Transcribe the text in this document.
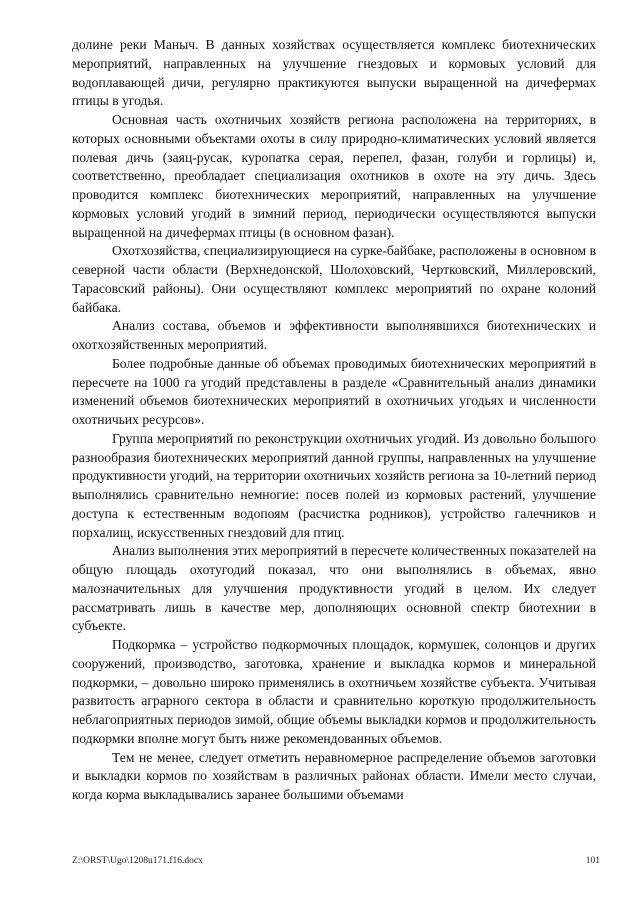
долине реки Маныч. В данных хозяйствах осуществляется комплекс биотехнических мероприятий, направленных на улучшение гнездовых и кормовых условий для водоплавающей дичи, регулярно практикуются выпуски выращенной на дичефермах птицы в угодья.

Основная часть охотничьих хозяйств региона расположена на территориях, в которых основными объектами охоты в силу природно-климатических условий является полевая дичь (заяц-русак, куропатка серая, перепел, фазан, голуби и горлицы) и, соответственно, преобладает специализация охотников в охоте на эту дичь. Здесь проводится комплекс биотехнических мероприятий, направленных на улучшение кормовых условий угодий в зимний период, периодически осуществляются выпуски выращенной на дичефермах птицы (в основном фазан).

Охотхозяйства, специализирующиеся на сурке-байбаке, расположены в основном в северной части области (Верхнедонской, Шолоховский, Чертковский, Миллеровский, Тарасовский районы). Они осуществляют комплекс мероприятий по охране колоний байбака.

Анализ состава, объемов и эффективности выполнявшихся биотехнических и охотхозяйственных мероприятий.

Более подробные данные об объемах проводимых биотехнических мероприятий в пересчете на 1000 га угодий представлены в разделе «Сравнительный анализ динамики изменений объемов биотехнических мероприятий в охотничьих угодьях и численности охотничьих ресурсов».

Группа мероприятий по реконструкции охотничьих угодий. Из довольно большого разнообразия биотехнических мероприятий данной группы, направленных на улучшение продуктивности угодий, на территории охотничьих хозяйств региона за 10-летний период выполнялись сравнительно немногие: посев полей из кормовых растений, улучшение доступа к естественным водопоям (расчистка родников), устройство галечников и порхалищ, искусственных гнездовий для птиц.

Анализ выполнения этих мероприятий в пересчете количественных показателей на общую площадь охотугодий показал, что они выполнялись в объемах, явно малозначительных для улучшения продуктивности угодий в целом. Их следует рассматривать лишь в качестве мер, дополняющих основной спектр биотехнии в субъекте.

Подкормка – устройство подкормочных площадок, кормушек, солонцов и других сооружений, производство, заготовка, хранение и выкладка кормов и минеральной подкормки, – довольно широко применялись в охотничьем хозяйстве субъекта. Учитывая развитость аграрного сектора в области и сравнительно короткую продолжительность неблагоприятных периодов зимой, общие объемы выкладки кормов и продолжительность подкормки вполне могут быть ниже рекомендованных объемов.

Тем не менее, следует отметить неравномерное распределение объемов заготовки и выкладки кормов по хозяйствам в различных районах области. Имели место случаи, когда корма выкладывались заранее большими объемами

Z:\ORST\Ugo\1208u171.f16.docx	101
